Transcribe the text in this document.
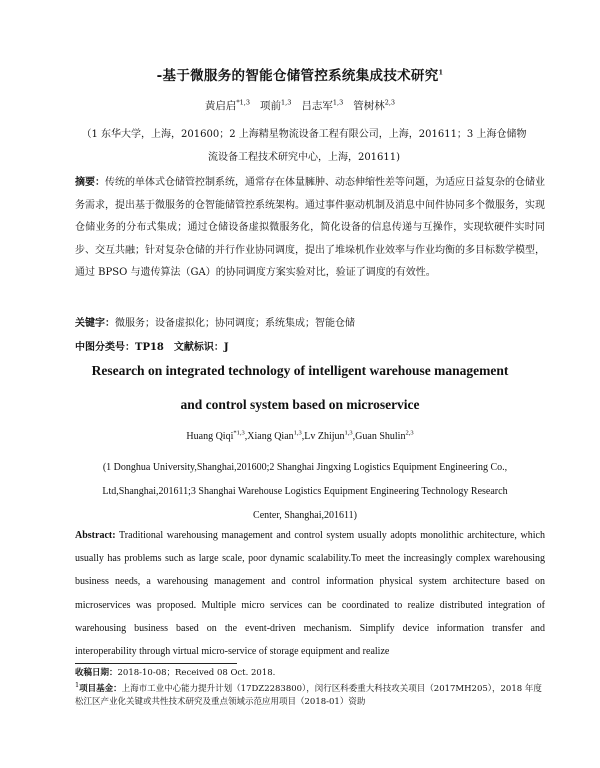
-基于微服务的智能仓储管控系统集成技术研究$^1$
黄启启$^{*1,3}$ 项前$^{1,3}$ 吕志军$^{1,3}$ 管树林$^{2,3}$
（1 东华大学，上海，201600；2 上海精星物流设备工程有限公司，上海，201611；3 上海仓储物
流设备工程技术研究中心，上海，201611)
摘要：传统的单体式仓储管控制系统，通常存在体量臃肿、动态伸缩性差等问题，为适应日益复杂的仓储业务需求，提出基于微服务的仓智能储管控系统架构。通过事件驱动机制及消息中间件协同多个微服务，实现仓储业务的分布式集成；通过仓储设备虚拟微服务化，简化设备的信息传递与互操作，实现软硬件实时同步、交互共融；针对复杂仓储的并行作业协同调度，提出了堆垛机作业效率与作业均衡的多目标数学模型，通过 BPSO 与遗传算法（GA）的协同调度方案实验对比，验证了调度的有效性。
关键字：微服务；设备虚拟化；协同调度；系统集成；智能仓储
中图分类号：TP18　文献标识：J
Research on integrated technology of intelligent warehouse management
and control system based on microservice
Huang Qiqi$^{*1,3}$,Xiang Qian$^{1,3}$,Lv Zhijun$^{1,3}$,Guan Shulin$^{2,3}$
(1 Donghua University,Shanghai,201600;2 Shanghai Jingxing Logistics Equipment Engineering Co.,
Ltd,Shanghai,201611;3 Shanghai Warehouse Logistics Equipment Engineering Technology Research
Center, Shanghai,201611)
Abstract: Traditional warehousing management and control system usually adopts monolithic architecture, which usually has problems such as large scale, poor dynamic scalability.To meet the increasingly complex warehousing business needs, a warehousing management and control information physical system architecture based on microservices was proposed. Multiple micro services can be coordinated to realize distributed integration of warehousing business based on the event-driven mechanism. Simplify device information transfer and interoperability through virtual micro-service of storage equipment and realize
收稿日期：2018-10-08；Received 08 Oct. 2018.
$^1$项目基金：上海市工业中心能力提升计划（17DZ2283800），闵行区科委重大科技攻关项目（2017MH205），2018 年度松江区产业化关键或共性技术研究及重点领域示范应用项目（2018-01）资助
